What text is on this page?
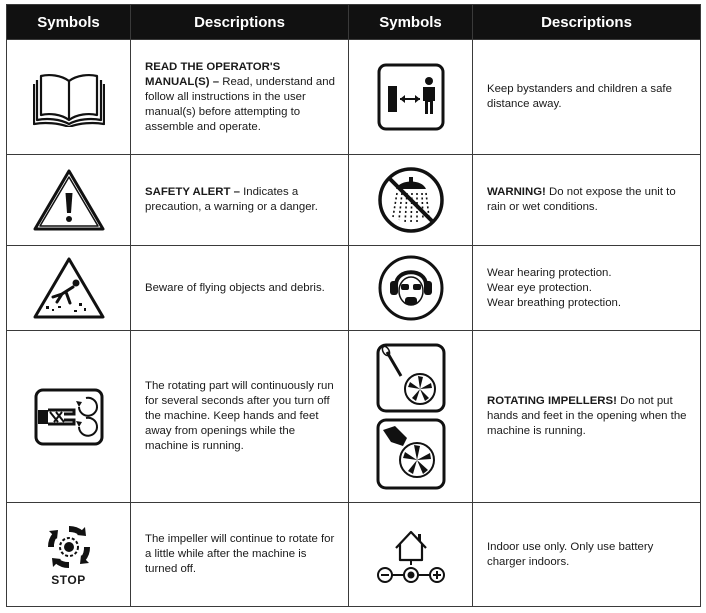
Symbols	Descriptions	Symbols	Descriptions
	READ THE OPERATOR'S MANUAL(S) – Read, understand and follow all instructions in the user manual(s) before attempting to assemble and operate.		Keep bystanders and children a safe distance away.
	SAFETY ALERT – Indicates a precaution, a warning or a danger.		WARNING! Do not expose the unit to rain or wet conditions.
	Beware of flying objects and debris.		Wear hearing protection.
Wear eye protection.
Wear breathing protection.

	The rotating part will continuously run for several seconds after you turn off the machine. Keep hands and feet away from openings while the machine is running.		ROTATING IMPELLERS! Do not put hands and feet in the opening when the machine is running.

STOP	The impeller will continue to rotate for a little while after the machine is turned off.		Indoor use only. Only use battery charger indoors.
